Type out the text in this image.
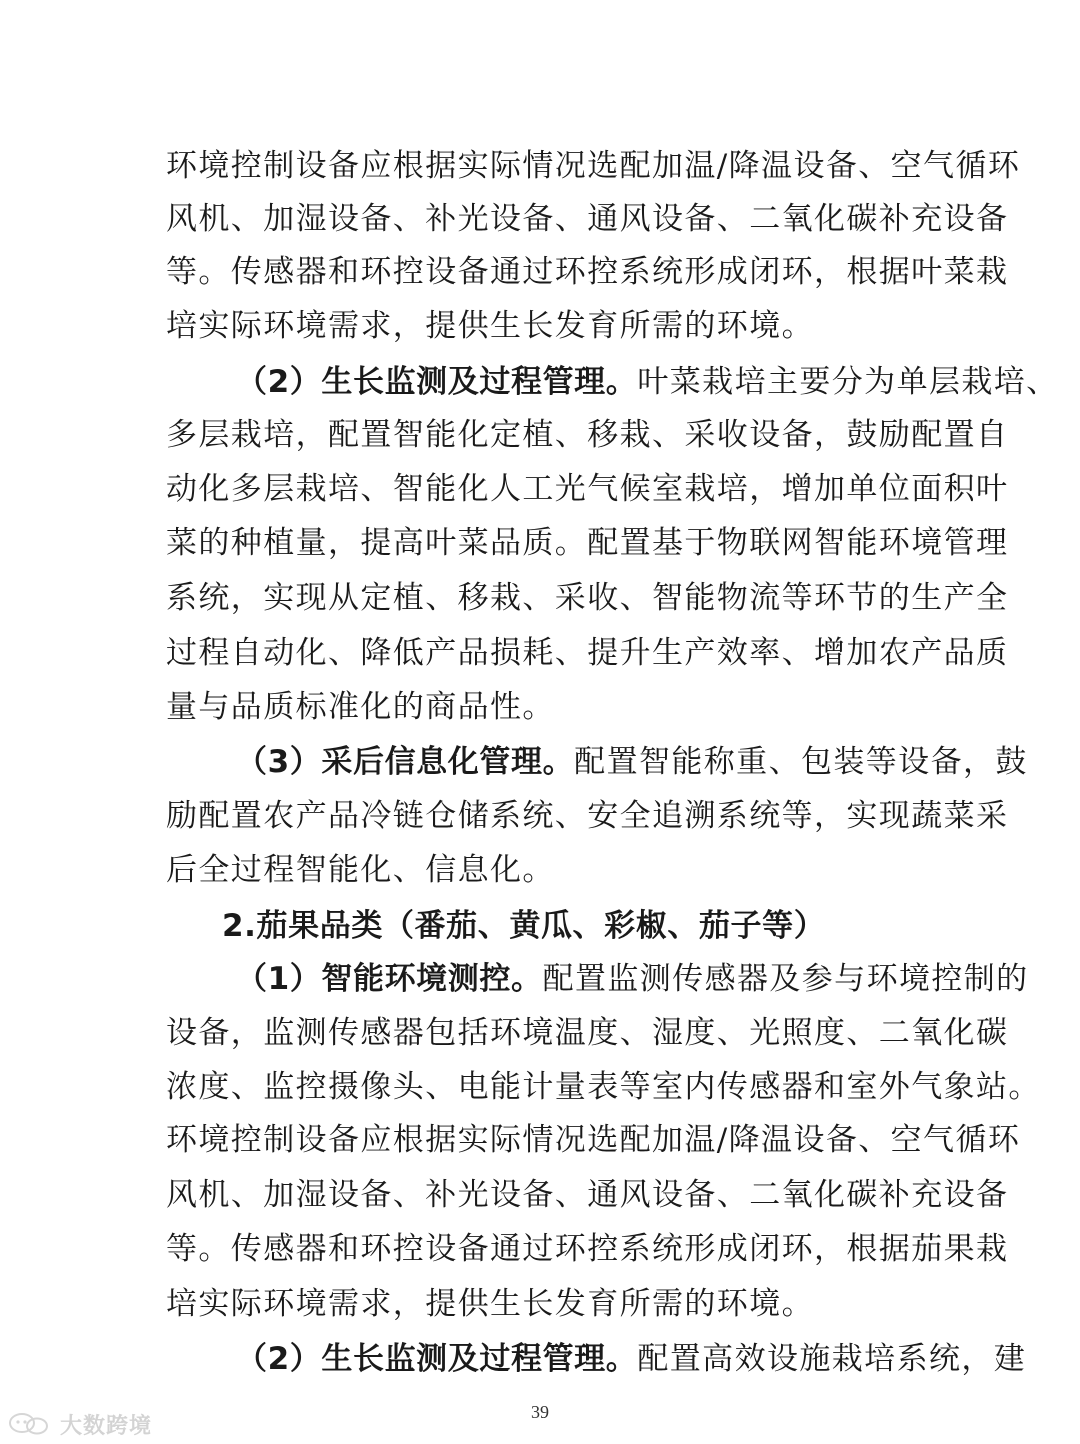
环境控制设备应根据实际情况选配加温/降温设备、空气循环
风机、加湿设备、补光设备、通风设备、二氧化碳补充设备
等。传感器和环控设备通过环控系统形成闭环，根据叶菜栽
培实际环境需求，提供生长发育所需的环境。
（2）生长监测及过程管理。叶菜栽培主要分为单层栽培、
多层栽培，配置智能化定植、移栽、采收设备，鼓励配置自
动化多层栽培、智能化人工光气候室栽培，增加单位面积叶
菜的种植量，提高叶菜品质。配置基于物联网智能环境管理
系统，实现从定植、移栽、采收、智能物流等环节的生产全
过程自动化、降低产品损耗、提升生产效率、增加农产品质
量与品质标准化的商品性。
（3）采后信息化管理。配置智能称重、包装等设备，鼓
励配置农产品冷链仓储系统、安全追溯系统等，实现蔬菜采
后全过程智能化、信息化。
2.茄果品类（番茄、黄瓜、彩椒、茄子等）
（1）智能环境测控。配置监测传感器及参与环境控制的
设备，监测传感器包括环境温度、湿度、光照度、二氧化碳
浓度、监控摄像头、电能计量表等室内传感器和室外气象站。
环境控制设备应根据实际情况选配加温/降温设备、空气循环
风机、加湿设备、补光设备、通风设备、二氧化碳补充设备
等。传感器和环控设备通过环控系统形成闭环，根据茄果栽
培实际环境需求，提供生长发育所需的环境。
（2）生长监测及过程管理。配置高效设施栽培系统，建
39
大数跨境
